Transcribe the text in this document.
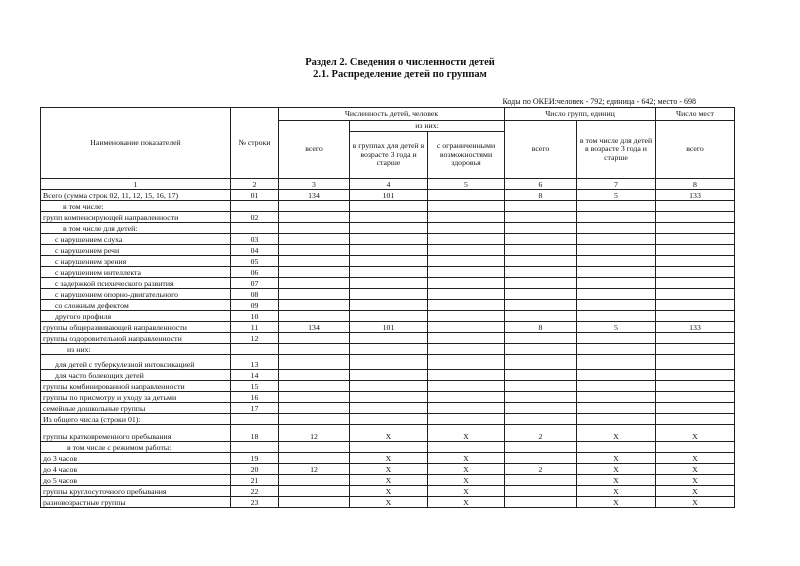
Раздел 2. Сведения о численности детей
2.1. Распределение детей по группам
Коды по ОКЕИ:человек - 792; единица - 642; место - 698
Наименование показателей	№ строки	Численность детей, человек			Число групп, единиц		Число мест
		всего	из них:		всего	в том числе для детей в возрасте 3 года и старше	всего
			в группах для детей в возрасте 3 года и старше	с ограниченными возможностями здоровья			
1	2	3	4	5	6	7	8
Всего (сумма строк 02, 11, 12, 15, 16, 17)	01	134	101		8	5	133
в том числе:							
групп компенсирующей направленности	02						
в том числе для детей:							
с нарушением слуха	03						
с нарушением речи	04						
с нарушением зрения	05						
с нарушением интеллекта	06						
с задержкой психического развития	07						
с нарушением опорно-двигательного	08						
со сложным дефектом	09						
другого профиля	10						
группы общеразвивающей направленности	11	134	101		8	5	133
группы оздоровительной направленности	12						
из них:							
для детей с туберкулезной интоксикацией	13						
для часто болеющих детей	14						
группы комбинированной направленности	15						
группы по присмотру и уходу за детьми	16						
семейные дошкольные группы	17						
Из общего числа (строки 01):							
группы кратковременного пребывания	18	12	X	X	2	X	X
в том числе с режимом работы:							
до 3 часов	19		X	X		X	X
до 4 часов	20	12	X	X	2	X	X
до 5 часов	21		X	X		X	X
группы круглосуточного пребывания	22		X	X		X	X
разновозрастные группы	23		X	X		X	X
